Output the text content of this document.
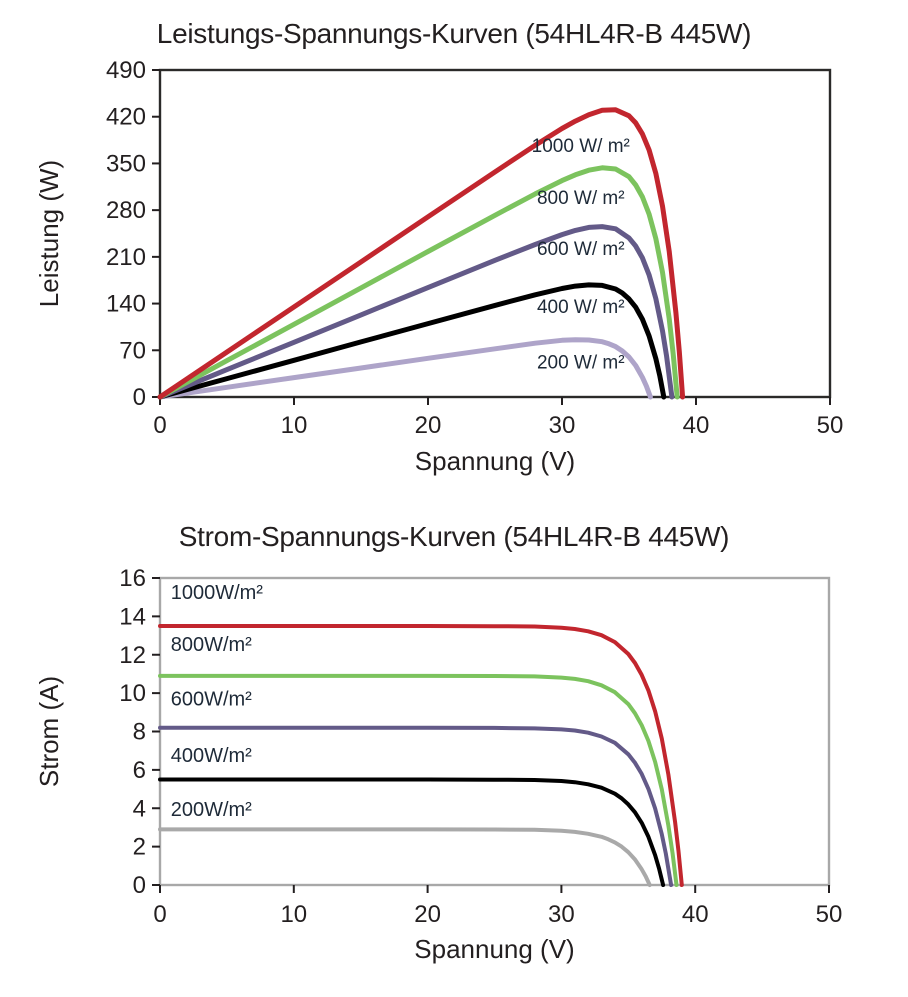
Leistungs-Spannungs-Kurven (54HL4R-B 445W)
0	10	20	30	40	50
0
70
140
210
280
350
420
490
Spannung (V)
Leistung (W)
1000 W/ m²
800 W/ m²
600 W/ m²
400 W/ m²
200 W/ m²
Strom-Spannungs-Kurven (54HL4R-B 445W)
0	10	20	30	40	50
0
2
4
6
8
10
12
14
16
Spannung (V)
Strom (A)
1000W/m²
800W/m²
600W/m²
400W/m²
200W/m²
